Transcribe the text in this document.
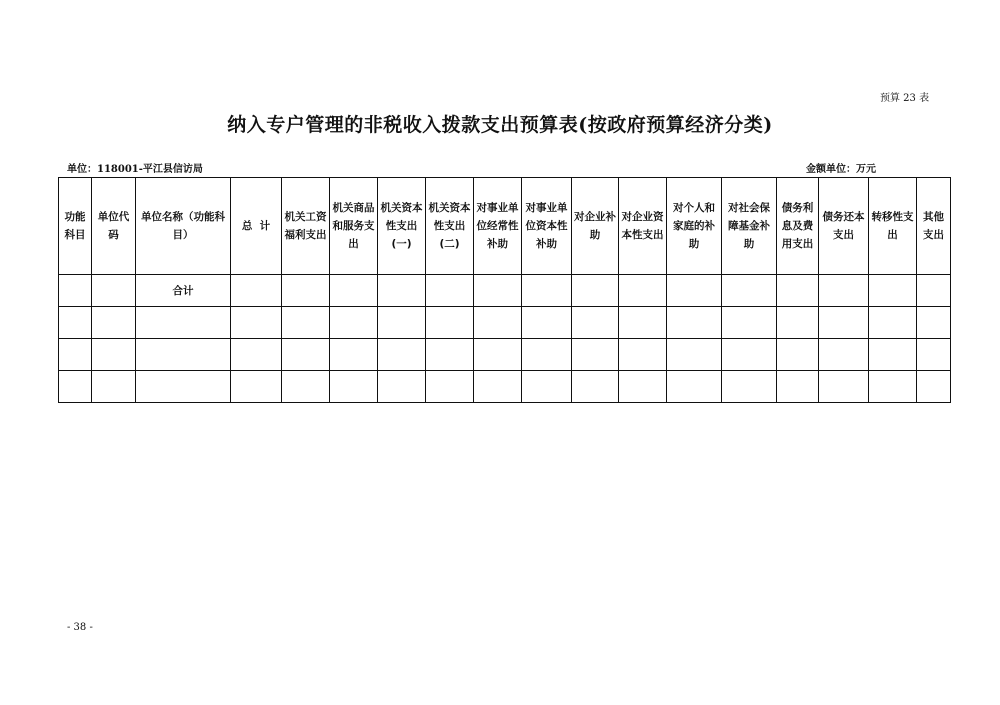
预算 23 表
纳入专户管理的非税收入拨款支出预算表(按政府预算经济分类)
单位：118001-平江县信访局	金额单位：万元
功能科目	单位代码	单位名称（功能科目）	总  计	机关工资福利支出	机关商品和服务支出	机关资本性支出(一)	机关资本性支出(二)	对事业单位经常性补助	对事业单位资本性补助	对企业补助	对企业资本性支出	对个人和家庭的补助	对社会保障基金补助	债务利息及费用支出	债务还本支出	转移性支出	其他支出
		合计															

- 38 -
